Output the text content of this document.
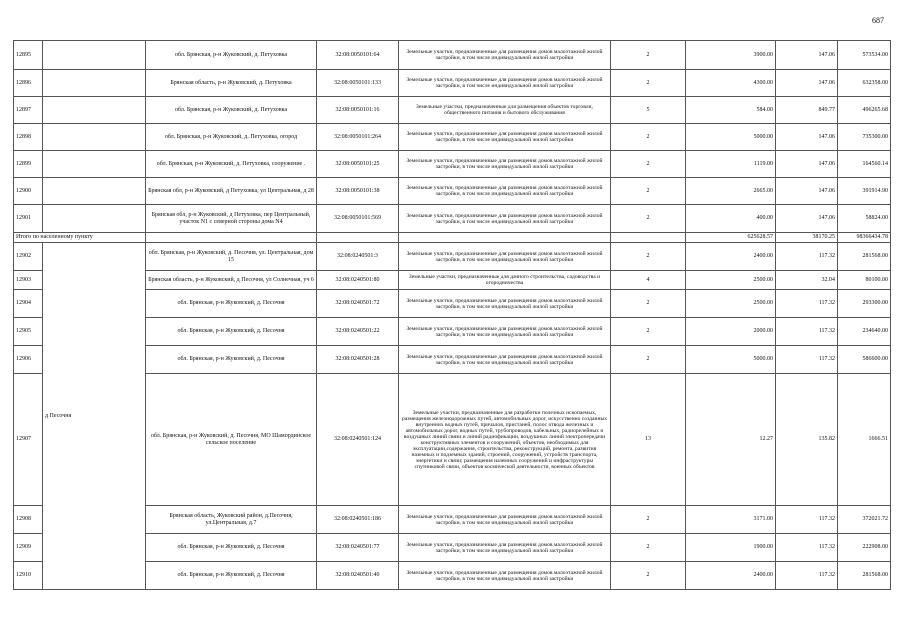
687
12895		обл. Брянская, р-н Жуковский, д. Петуховка	32:08:0050101:64	Земельные участки, предназначенные для размещения домов малоэтажной жилой застройки, в том числе индивидуальной жилой застройки	2	3900.00	147.06	573534.00
12896		Брянская область, р-н Жуковский, д. Петуховка	32:08:0050101:133	Земельные участки, предназначенные для размещения домов малоэтажной жилой застройки, в том числе индивидуальной жилой застройки	2	4300.00	147.06	632358.00
12897		обл. Брянская, р-н Жуковский, д. Петуховка	32:08:0050101:16	Земельные участки, предназначенные для размещения объектов торговли, общественного питания и бытового обслуживания	5	584.00	849.77	496265.68
12898		обл. Брянская, р-н Жуковский, д. Петуховка, огород	32:08:0050101:264	Земельные участки, предназначенные для размещения домов малоэтажной жилой застройки, в том числе индивидуальной жилой застройки	2	5000.00	147.06	735300.00
12899		обл. Брянская, р-н Жуковский, д. Петуховка, сооружение .	32:08:0050101:25	Земельные участки, предназначенные для размещения домов малоэтажной жилой застройки, в том числе индивидуальной жилой застройки	2	1119.00	147.06	164560.14
12900		Брянская обл, р-н Жуковский, д Петуховка, ул Центральная, д 28	32:08:0050101:38	Земельные участки, предназначенные для размещения домов малоэтажной жилой застройки, в том числе индивидуальной жилой застройки	2	2665.00	147.06	391914.90
12901		Брянская обл, р-н Жуковский, д Петуховка, пер Центральный, участок N1 с северной стороны дома N4	32:08:0050101:569	Земельные участки, предназначенные для размещения домов малоэтажной жилой застройки, в том числе индивидуальной жилой застройки	2	400.00	147.06	58824.00
Итого по населенному пункту						625628.57	38170.25	98366434.78
12902	д Песочня	обл. Брянская, р-н Жуковский, д. Песочня, ул. Центральная, дом 15	32:08:0240501:3	Земельные участки, предназначенные для размещения домов малоэтажной жилой застройки, в том числе индивидуальной жилой застройки	2	2400.00	117.32	281568.00
12903		Брянская область, р-н Жуковский, д Песочня, ул Солнечная, уч 6	32:08:0240501:80	Земельные участки, предназначенные для дачного строительства, садоводства и огородничества	4	2500.00	32.04	80100.00
12904		обл. Брянская, р-н Жуковский, д. Песочня	32:08:0240501:72	Земельные участки, предназначенные для размещения домов малоэтажной жилой застройки, в том числе индивидуальной жилой застройки	2	2500.00	117.32	293300.00
12905		обл. Брянская, р-н Жуковский, д. Песочня	32:08:0240501:22	Земельные участки, предназначенные для размещения домов малоэтажной жилой застройки, в том числе индивидуальной жилой застройки	2	2000.00	117.32	234640.00
12906		обл. Брянская, р-н Жуковский, д. Песочня	32:08:0240501:28	Земельные участки, предназначенные для размещения домов малоэтажной жилой застройки, в том числе индивидуальной жилой застройки	2	5000.00	117.32	586600.00
12907		обл. Брянская, р-н Жуковский, д. Песочня, МО Шамординское сельское поселение	32:08:0240501:124	Земельные участки, предназначенные для разработки полезных ископаемых, размещения железнодорожных путей, автомобильных дорог, искусственно созданных внутренних водных путей, причалов, пристаней, полос отвода железных и автомобильных дорог, водных путей, трубопроводов, кабельных, радиорелейных и воздушных линий связи и линий радиофикации, воздушных линий электропередачи конструктивных элементов и сооружений, объектов, необходимых для эксплуатации,содержания, строительства, реконструкций, ремонта, развития наземных и подземных зданий, строений, сооружений, устройств транспорта, энергетики и связи; размещения наземных сооружений и инфраструктуры спутниковой связи, объектов космической деятельности, военных объектов	13	12.27	135.82	1666.51
12908		Брянская область, Жуковский район, д.Песочня, ул.Центральная, д.7	32:08:0240501:186	Земельные участки, предназначенные для размещения домов малоэтажной жилой застройки, в том числе индивидуальной жилой застройки	2	3171.00	117.32	372021.72
12909		обл. Брянская, р-н Жуковский, д. Песочня	32:08:0240501:77	Земельные участки, предназначенные для размещения домов малоэтажной жилой застройки, в том числе индивидуальной жилой застройки	2	1900.00	117.32	222908.00
12910		обл. Брянская, р-н Жуковский, д. Песочня	32:08:0240501:40	Земельные участки, предназначенные для размещения домов малоэтажной жилой застройки, в том числе индивидуальной жилой застройки	2	2400.00	117.32	281568.00
